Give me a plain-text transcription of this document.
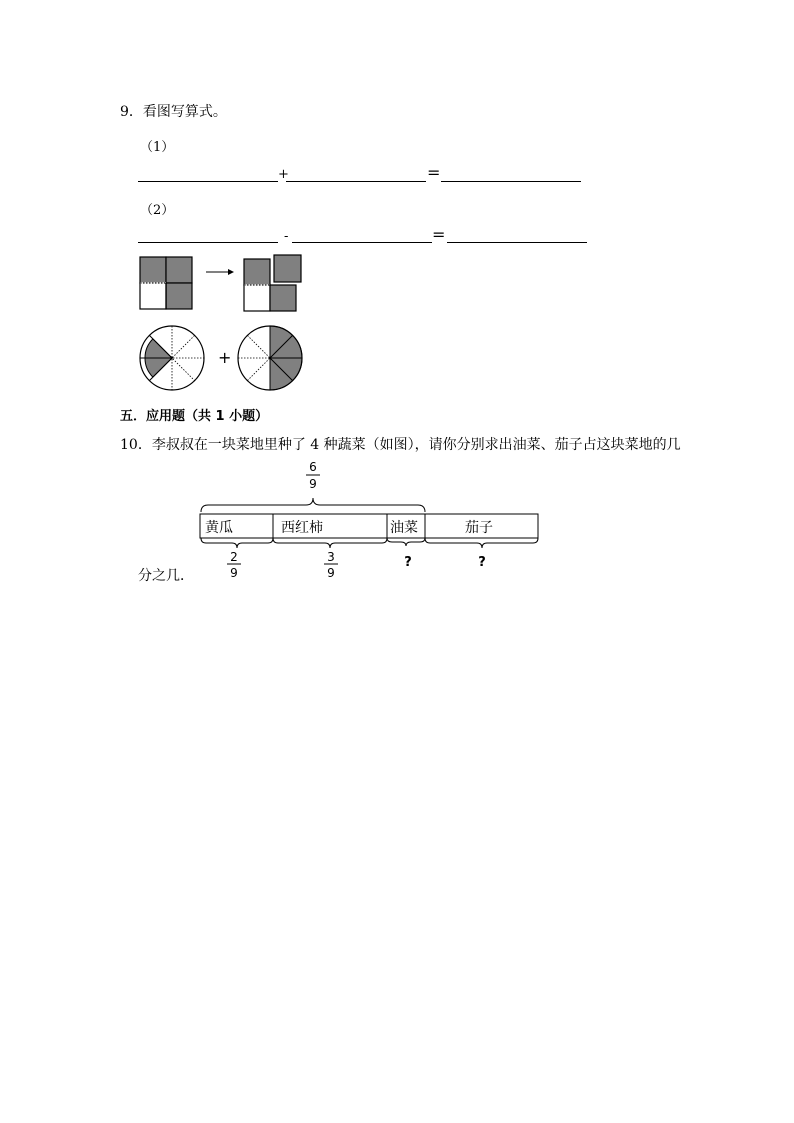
9．看图写算式。
（1）
+	=
（2）
-	=
+
五．应用题（共 1 小题）
10．李叔叔在一块菜地里种了 4 种蔬菜（如图），请你分别求出油菜、茄子占这块菜地的几
6
9
黄瓜	西红柿	油菜	茄子
2
9
3
9
?	?
分之几．
